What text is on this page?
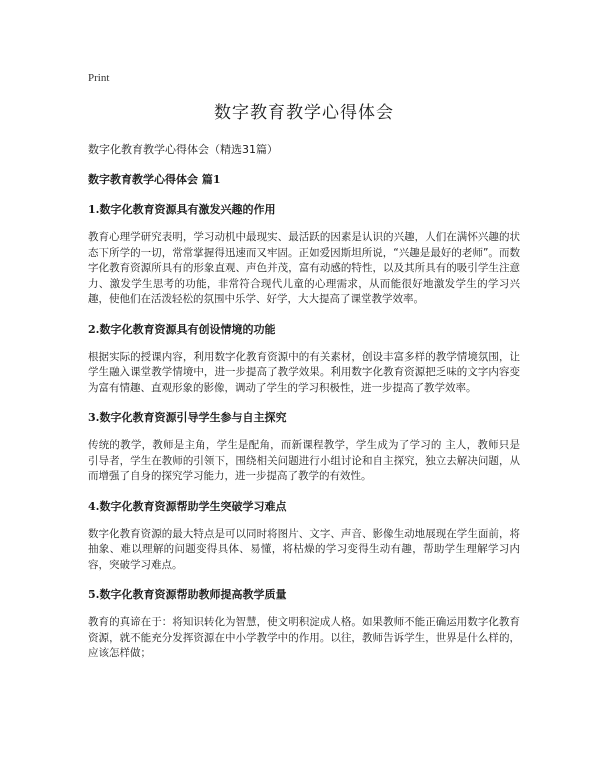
Print

数字教育教学心得体会

数字化教育教学心得体会（精选31篇）

数字教育教学心得体会 篇1

1.数字化教育资源具有激发兴趣的作用

教育心理学研究表明，学习动机中最现实、最活跃的因素是认识的兴趣，人们在满怀兴趣的状态下所学的一切，常常掌握得迅速而又牢固。正如爱因斯坦所说，“兴趣是最好的老师”。而数字化教育资源所具有的形象直观、声色并茂，富有动感的特性，以及其所具有的吸引学生注意力、激发学生思考的功能，非常符合现代儿童的心理需求，从而能很好地激发学生的学习兴趣，使他们在活泼轻松的氛围中乐学、好学，大大提高了课堂教学效率。

2.数字化教育资源具有创设情境的功能

根据实际的授课内容，利用数字化教育资源中的有关素材，创设丰富多样的教学情境氛围，让学生融入课堂教学情境中，进一步提高了教学效果。利用数字化教育资源把乏味的文字内容变为富有情趣、直观形象的影像，调动了学生的学习积极性，进一步提高了教学效率。

3.数字化教育资源引导学生参与自主探究

传统的教学，教师是主角，学生是配角，而新课程教学，学生成为了学习的 主人，教师只是引导者，学生在教师的引领下，围绕相关问题进行小组讨论和自主探究，独立去解决问题，从而增强了自身的探究学习能力，进一步提高了教学的有效性。

4.数字化教育资源帮助学生突破学习难点

数字化教育资源的最大特点是可以同时将图片、文字、声音、影像生动地展现在学生面前，将抽象、难以理解的问题变得具体、易懂，将枯燥的学习变得生动有趣，帮助学生理解学习内容，突破学习难点。

5.数字化教育资源帮助教师提高教学质量

教育的真谛在于：将知识转化为智慧，使文明积淀成人格。如果教师不能正确运用数字化教育资源，就不能充分发挥资源在中小学教学中的作用。以往，教师告诉学生，世界是什么样的，应该怎样做；
